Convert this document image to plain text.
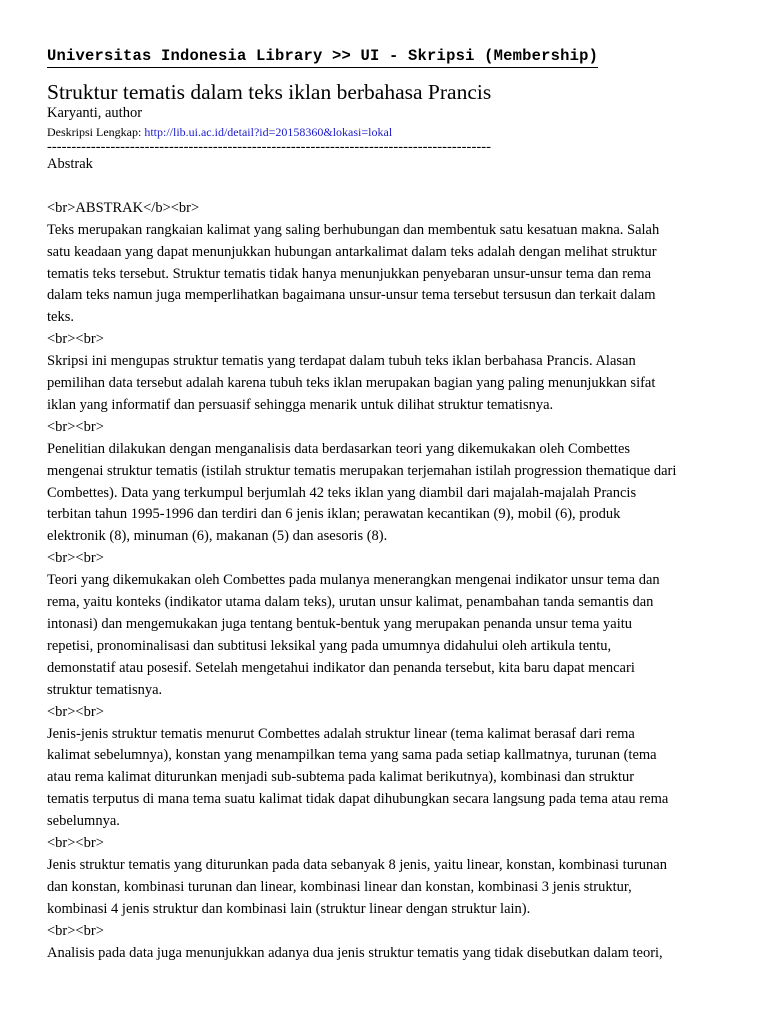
Universitas Indonesia Library >> UI - Skripsi (Membership)
Struktur tematis dalam teks iklan berbahasa Prancis
Karyanti, author
Deskripsi Lengkap: http://lib.ui.ac.id/detail?id=20158360&lokasi=lokal
-------------------------------------------------------------------------------------------
Abstrak
<br>ABSTRAK</b><br>
Teks merupakan rangkaian kalimat yang saling berhubungan dan membentuk satu kesatuan makna. Salah
satu keadaan yang dapat menunjukkan hubungan antarkalimat dalam teks adalah dengan melihat struktur
tematis teks tersebut. Struktur tematis tidak hanya menunjukkan penyebaran unsur-unsur tema dan rema
dalam teks namun juga memperlihatkan bagaimana unsur-unsur tema tersebut tersusun dan terkait dalam
teks.
<br><br>
Skripsi ini mengupas struktur tematis yang terdapat dalam tubuh teks iklan berbahasa Prancis. Alasan
pemilihan data tersebut adalah karena tubuh teks iklan merupakan bagian yang paling menunjukkan sifat
iklan yang informatif dan persuasif sehingga menarik untuk dilihat struktur tematisnya.
<br><br>
Penelitian dilakukan dengan menganalisis data berdasarkan teori yang dikemukakan oleh Combettes
mengenai struktur tematis (istilah struktur tematis merupakan terjemahan istilah progression thematique dari
Combettes). Data yang terkumpul berjumlah 42 teks iklan yang diambil dari majalah-majalah Prancis
terbitan tahun 1995-1996 dan terdiri dan 6 jenis iklan; perawatan kecantikan (9), mobil (6), produk
elektronik (8), minuman (6), makanan (5) dan asesoris (8).
<br><br>
Teori yang dikemukakan oleh Combettes pada mulanya menerangkan mengenai indikator unsur tema dan
rema, yaitu konteks (indikator utama dalam teks), urutan unsur kalimat, penambahan tanda semantis dan
intonasi) dan mengemukakan juga tentang bentuk-bentuk yang merupakan penanda unsur tema yaitu
repetisi, pronominalisasi dan subtitusi leksikal yang pada umumnya didahului oleh artikula tentu,
demonstatif atau posesif. Setelah mengetahui indikator dan penanda tersebut, kita baru dapat mencari
struktur tematisnya.
<br><br>
Jenis-jenis struktur tematis menurut Combettes adalah struktur linear (tema kalimat berasaf dari rema
kalimat sebelumnya), konstan yang menampilkan tema yang sama pada setiap kallmatnya, turunan (tema
atau rema kalimat diturunkan menjadi sub-subtema pada kalimat berikutnya), kombinasi dan struktur
tematis terputus di mana tema suatu kalimat tidak dapat dihubungkan secara langsung pada tema atau rema
sebelumnya.
<br><br>
Jenis struktur tematis yang diturunkan pada data sebanyak 8 jenis, yaitu linear, konstan, kombinasi turunan
dan konstan, kombinasi turunan dan linear, kombinasi linear dan konstan, kombinasi 3 jenis struktur,
kombinasi 4 jenis struktur dan kombinasi lain (struktur linear dengan struktur lain).
<br><br>
Analisis pada data juga menunjukkan adanya dua jenis struktur tematis yang tidak disebutkan dalam teori,
